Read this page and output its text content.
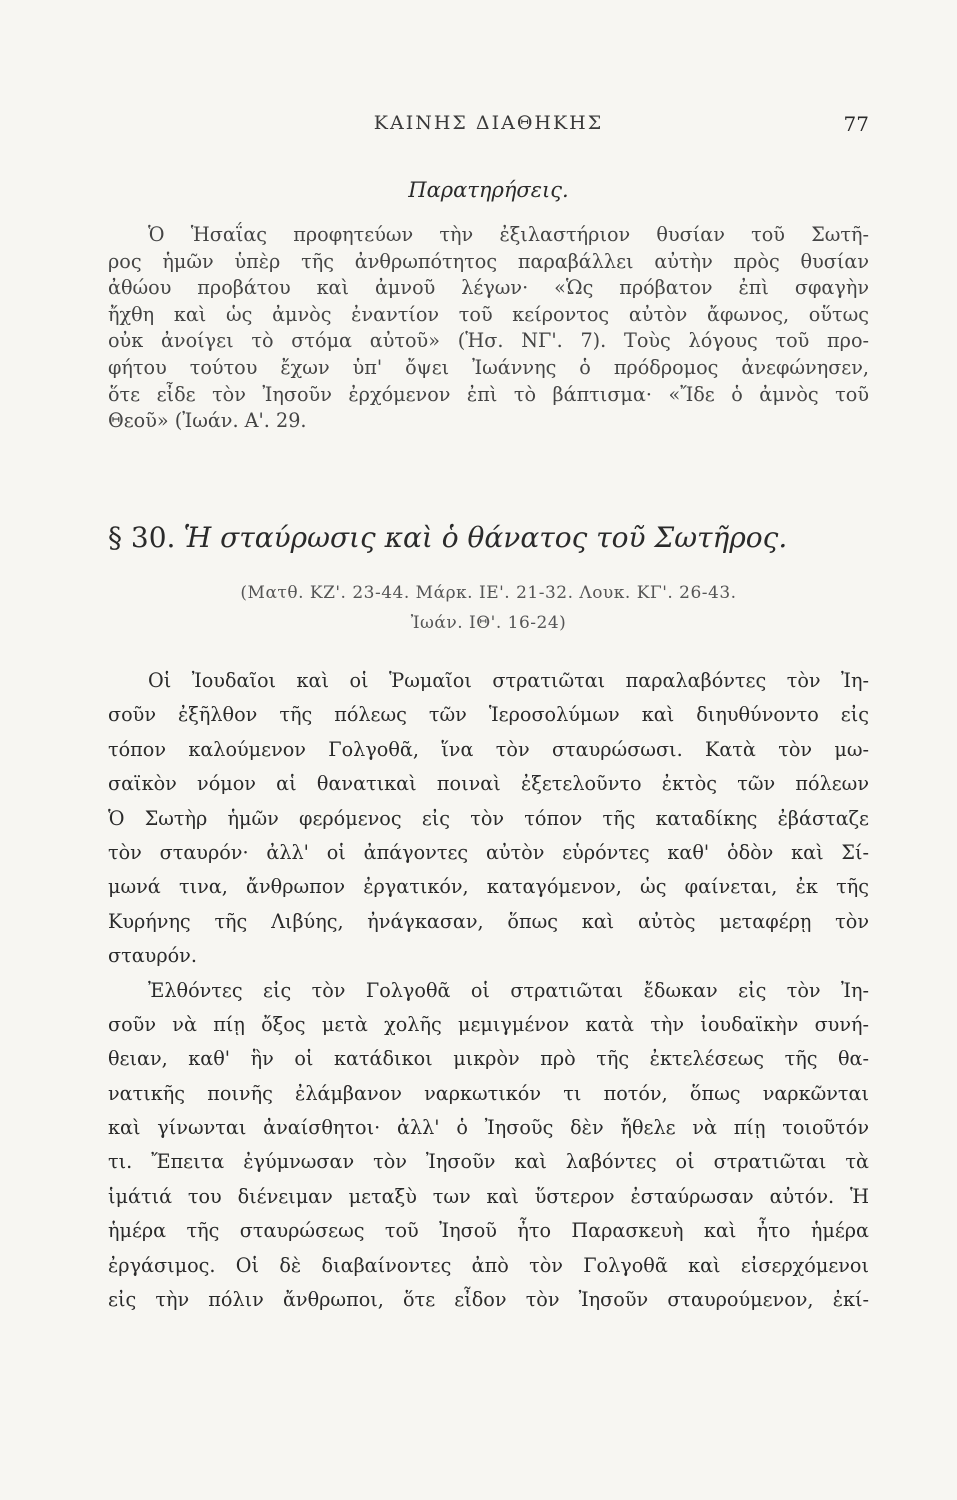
ΚΑΙΝΗΣ ΔΙΑΘΗΚΗΣ	77
Παρατηρήσεις.
Ὁ Ἡσαΐας προφητεύων τὴν ἐξιλαστήριον θυσίαν τοῦ Σωτῆ-
ρος ἡμῶν ὑπὲρ τῆς ἀνθρωπότητος παραβάλλει αὐτὴν πρὸς θυσίαν
ἀθώου προβάτου καὶ ἀμνοῦ λέγων· «Ὡς πρόβατον ἐπὶ σφαγὴν
ἤχθη καὶ ὡς ἀμνὸς ἐναντίον τοῦ κείροντος αὐτὸν ἄφωνος, οὕτως
οὐκ ἀνοίγει τὸ στόμα αὐτοῦ» (Ἡσ. ΝΓ'. 7). Τοὺς λόγους τοῦ προ-
φήτου τούτου ἔχων ὑπ' ὄψει Ἰωάννης ὁ πρόδρομος ἀνεφώνησεν,
ὅτε εἶδε τὸν Ἰησοῦν ἐρχόμενον ἐπὶ τὸ βάπτισμα· «Ἴδε ὁ ἀμνὸς τοῦ
Θεοῦ» (Ἰωάν. Α'. 29.
§ 30. Ἡ σταύρωσις καὶ ὁ θάνατος τοῦ Σωτῆρος.
(Ματθ. ΚΖ'. 23-44. Μάρκ. ΙΕ'. 21-32. Λουκ. ΚΓ'. 26-43.
Ἰωάν. ΙΘ'. 16-24)
Οἱ Ἰουδαῖοι καὶ οἱ Ῥωμαῖοι στρατιῶται παραλαβόντες τὸν Ἰη-
σοῦν ἐξῆλθον τῆς πόλεως τῶν Ἱεροσολύμων καὶ διηυθύνοντο εἰς
τόπον καλούμενον Γολγοθᾶ, ἵνα τὸν σταυρώσωσι. Κατὰ τὸν μω-
σαϊκὸν νόμον αἱ θανατικαὶ ποιναὶ ἐξετελοῦντο ἐκτὸς τῶν πόλεων
Ὁ Σωτὴρ ἡμῶν φερόμενος εἰς τὸν τόπον τῆς καταδίκης ἐβάσταζε
τὸν σταυρόν· ἀλλ' οἱ ἀπάγοντες αὐτὸν εὑρόντες καθ' ὁδὸν καὶ Σί-
μωνά τινα, ἄνθρωπον ἐργατικόν, καταγόμενον, ὡς φαίνεται, ἐκ τῆς
Κυρήνης τῆς Λιβύης, ἠνάγκασαν, ὅπως καὶ αὐτὸς μεταφέρῃ τὸν
σταυρόν.
Ἐλθόντες εἰς τὸν Γολγοθᾶ οἱ στρατιῶται ἔδωκαν εἰς τὸν Ἰη-
σοῦν νὰ πίῃ ὄξος μετὰ χολῆς μεμιγμένον κατὰ τὴν ἰουδαϊκὴν συνή-
θειαν, καθ' ἣν οἱ κατάδικοι μικρὸν πρὸ τῆς ἐκτελέσεως τῆς θα-
νατικῆς ποινῆς ἐλάμβανον ναρκωτικόν τι ποτόν, ὅπως ναρκῶνται
καὶ γίνωνται ἀναίσθητοι· ἀλλ' ὁ Ἰησοῦς δὲν ἤθελε νὰ πίῃ τοιοῦτόν
τι. Ἔπειτα ἐγύμνωσαν τὸν Ἰησοῦν καὶ λαβόντες οἱ στρατιῶται τὰ
ἱμάτιά του διένειμαν μεταξὺ των καὶ ὕστερον ἐσταύρωσαν αὐτόν. Ἡ
ἡμέρα τῆς σταυρώσεως τοῦ Ἰησοῦ ἦτο Παρασκευὴ καὶ ἦτο ἡμέρα
ἐργάσιμος. Οἱ δὲ διαβαίνοντες ἀπὸ τὸν Γολγοθᾶ καὶ εἰσερχόμενοι
εἰς τὴν πόλιν ἄνθρωποι, ὅτε εἶδον τὸν Ἰησοῦν σταυρούμενον, ἐκί-
